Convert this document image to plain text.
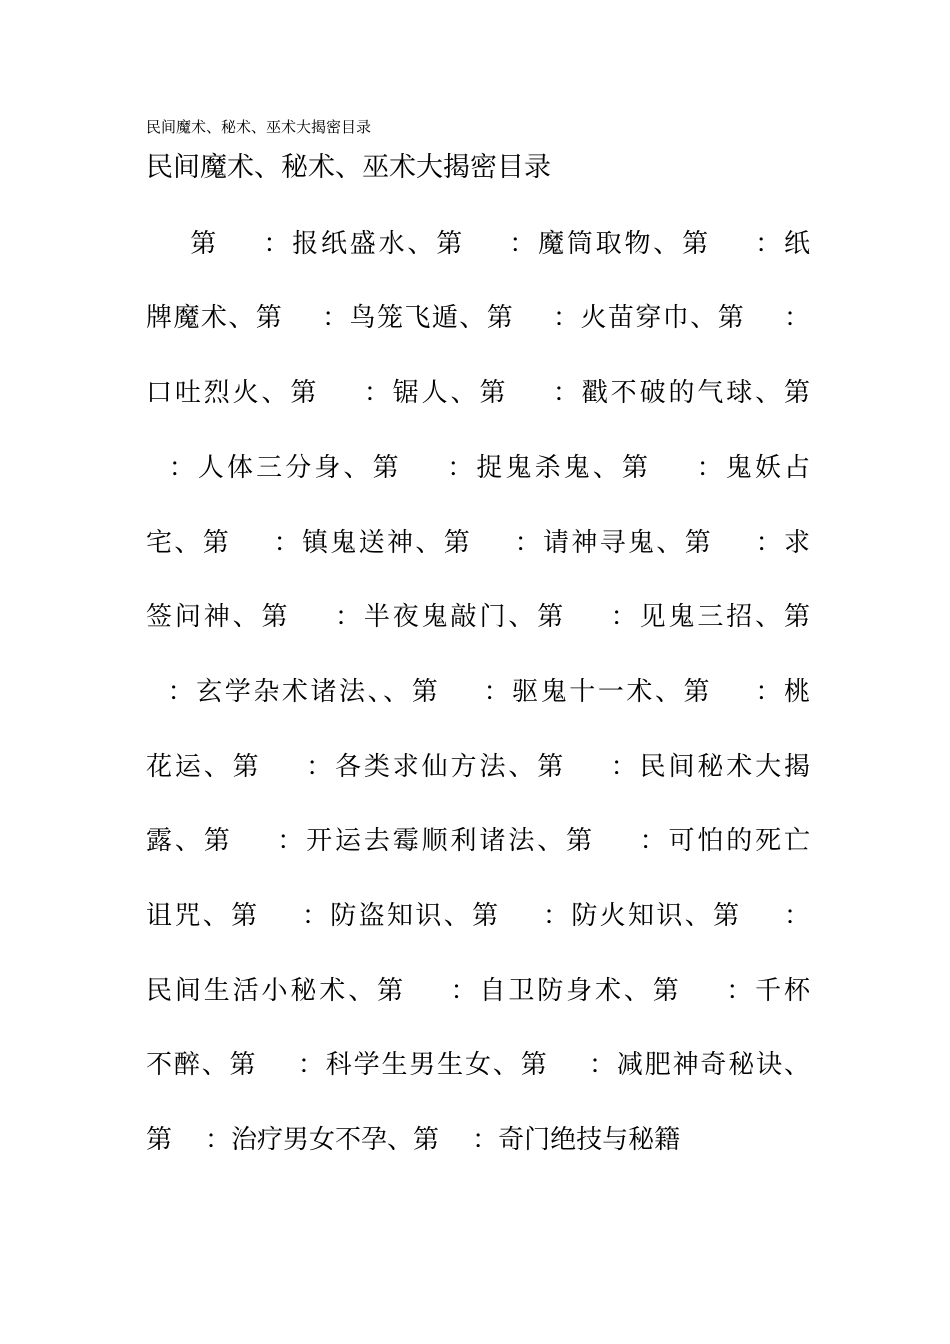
民间魔术、秘术、巫术大揭密目录
民间魔术、秘术、巫术大揭密目录
第    ：报纸盛水、第    ：魔筒取物、第    ：纸
牌魔术、第    ：鸟笼飞遁、第    ：火苗穿巾、第    ：
口吐烈火、第    ：锯人、第    ：戳不破的气球、第
：人体三分身、第    ：捉鬼杀鬼、第    ：鬼妖占
宅、第    ：镇鬼送神、第    ：请神寻鬼、第    ：求
签问神、第    ：半夜鬼敲门、第    ：见鬼三招、第
：玄学杂术诸法、、第    ：驱鬼十一术、第    ：桃
花运、第    ：各类求仙方法、第    ：民间秘术大揭
露、第    ：开运去霉顺利诸法、第    ：可怕的死亡
诅咒、第    ：防盗知识、第    ：防火知识、第    ：
民间生活小秘术、第    ：自卫防身术、第    ：千杯
不醉、第    ：科学生男生女、第    ：减肥神奇秘诀、
第    ：治疗男女不孕、第    ：奇门绝技与秘籍
